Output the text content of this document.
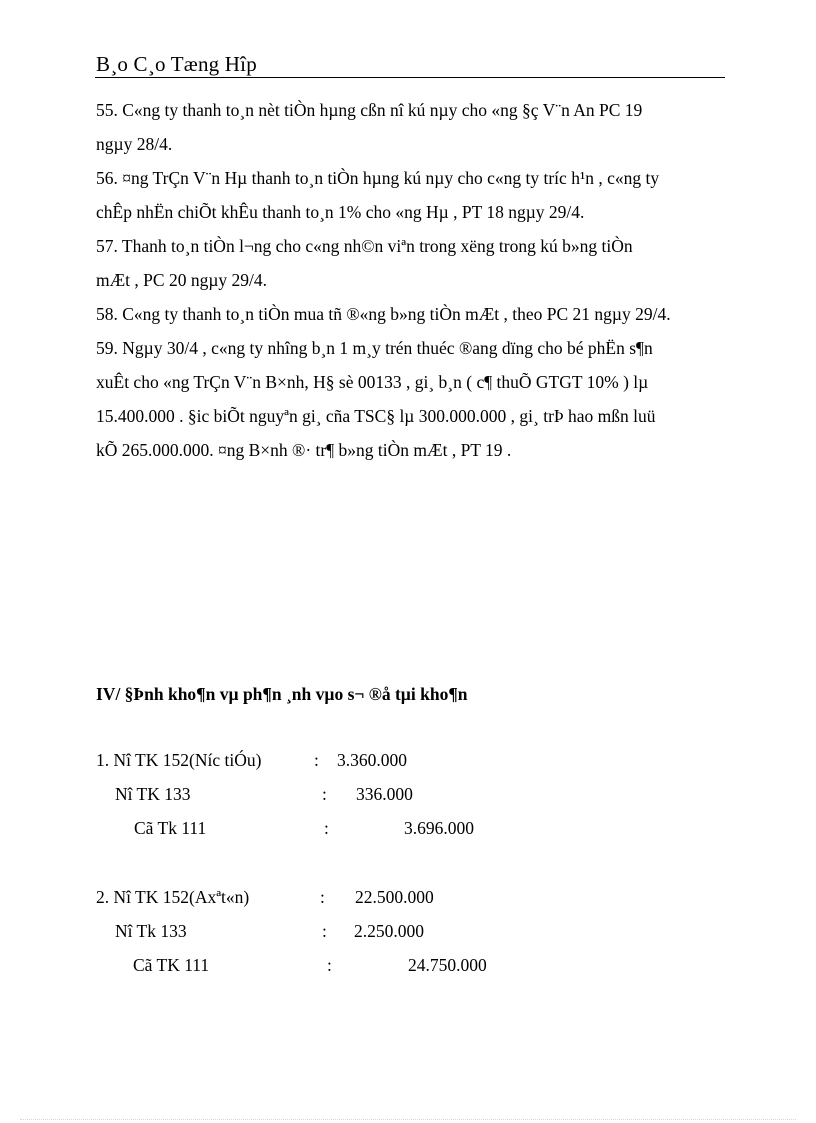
B¸o C¸o Tæng Hîp
55. C«ng ty thanh to¸n nèt tiÒn hµng cßn nî kú nµy cho «ng §ç V¨n An PC 19
ngµy 28/4.
56. ¤ng TrÇn V¨n Hµ thanh to¸n tiÒn hµng kú nµy cho c«ng ty tríc h¹n , c«ng ty
chÊp nhËn chiÕt khÊu thanh to¸n 1% cho «ng Hµ , PT 18 ngµy 29/4.
57. Thanh to¸n tiÒn l¬ng cho c«ng nh©n viªn trong xëng trong kú b»ng tiÒn
mÆt , PC 20 ngµy 29/4.
58. C«ng ty thanh to¸n tiÒn mua tñ ®«ng b»ng tiÒn mÆt , theo PC 21 ngµy 29/4.
59. Ngµy 30/4 , c«ng ty nhîng b¸n 1 m¸y trén thuéc ®ang dïng cho bé phËn s¶n
xuÊt cho «ng TrÇn V¨n B×nh, H§ sè 00133 , gi¸ b¸n ( c¶ thuÕ GTGT 10% ) lµ
15.400.000 . §ic biÕt nguyªn gi¸ cña TSC§ lµ 300.000.000 , gi¸ trÞ hao mßn luü
kÕ 265.000.000. ¤ng B×nh ®· tr¶ b»ng tiÒn mÆt , PT 19 .
IV/ §Þnh kho¶n vµ ph¶n ¸nh vµo s¬ ®å tµi kho¶n
1. Nî TK 152(Níc tiÓu)	: 3.360.000
Nî TK 133	: 336.000
Cã Tk 111	:	3.696.000
2. Nî TK 152(Axªt«n)	: 22.500.000
Nî Tk 133	: 2.250.000
Cã TK 111	:	24.750.000
